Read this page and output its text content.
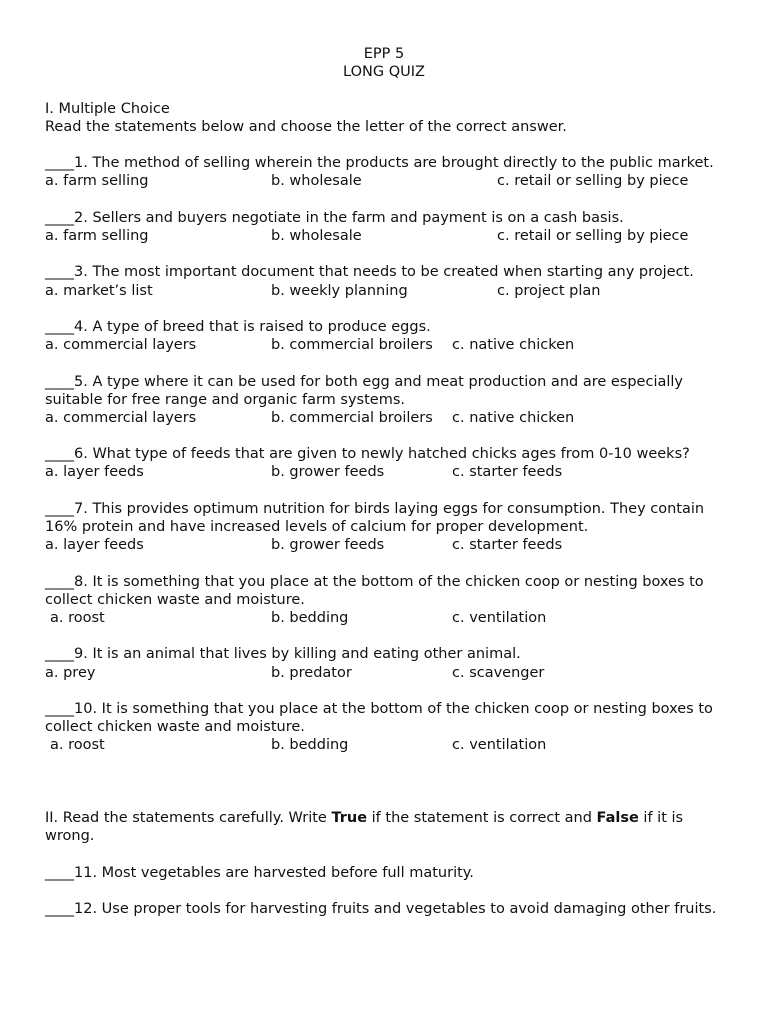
EPP 5
LONG QUIZ
I. Multiple Choice
Read the statements below and choose the letter of the correct answer.
____1. The method of selling wherein the products are brought directly to the public market.
a. farm selling	b. wholesale	c. retail or selling by piece
____2. Sellers and buyers negotiate in the farm and payment is on a cash basis.
a. farm selling	b. wholesale	c. retail or selling by piece
____3. The most important document that needs to be created when starting any project.
a. market’s list	b. weekly planning	c. project plan
____4. A type of breed that is raised to produce eggs.
a. commercial layers	b. commercial broilers c. native chicken
____5. A type where it can be used for both egg and meat production and are especially suitable for free range and organic farm systems.
a. commercial layers	b. commercial broilers c. native chicken
____6. What type of feeds that are given to newly hatched chicks ages from 0-10 weeks?
a. layer feeds	b. grower feeds	c. starter feeds
____7. This provides optimum nutrition for birds laying eggs for consumption. They contain 16% protein and have increased levels of calcium for proper development.
a. layer feeds	b. grower feeds	c. starter feeds
____8. It is something that you place at the bottom of the chicken coop or nesting boxes to collect chicken waste and moisture.
a. roost	b. bedding	c. ventilation
____9. It is an animal that lives by killing and eating other animal.
a. prey	b. predator	c. scavenger
____10. It is something that you place at the bottom of the chicken coop or nesting boxes to collect chicken waste and moisture.
a. roost	b. bedding	c. ventilation
II. Read the statements carefully. Write True if the statement is correct and False if it is wrong.
____11. Most vegetables are harvested before full maturity.
____12. Use proper tools for harvesting fruits and vegetables to avoid damaging other fruits.
